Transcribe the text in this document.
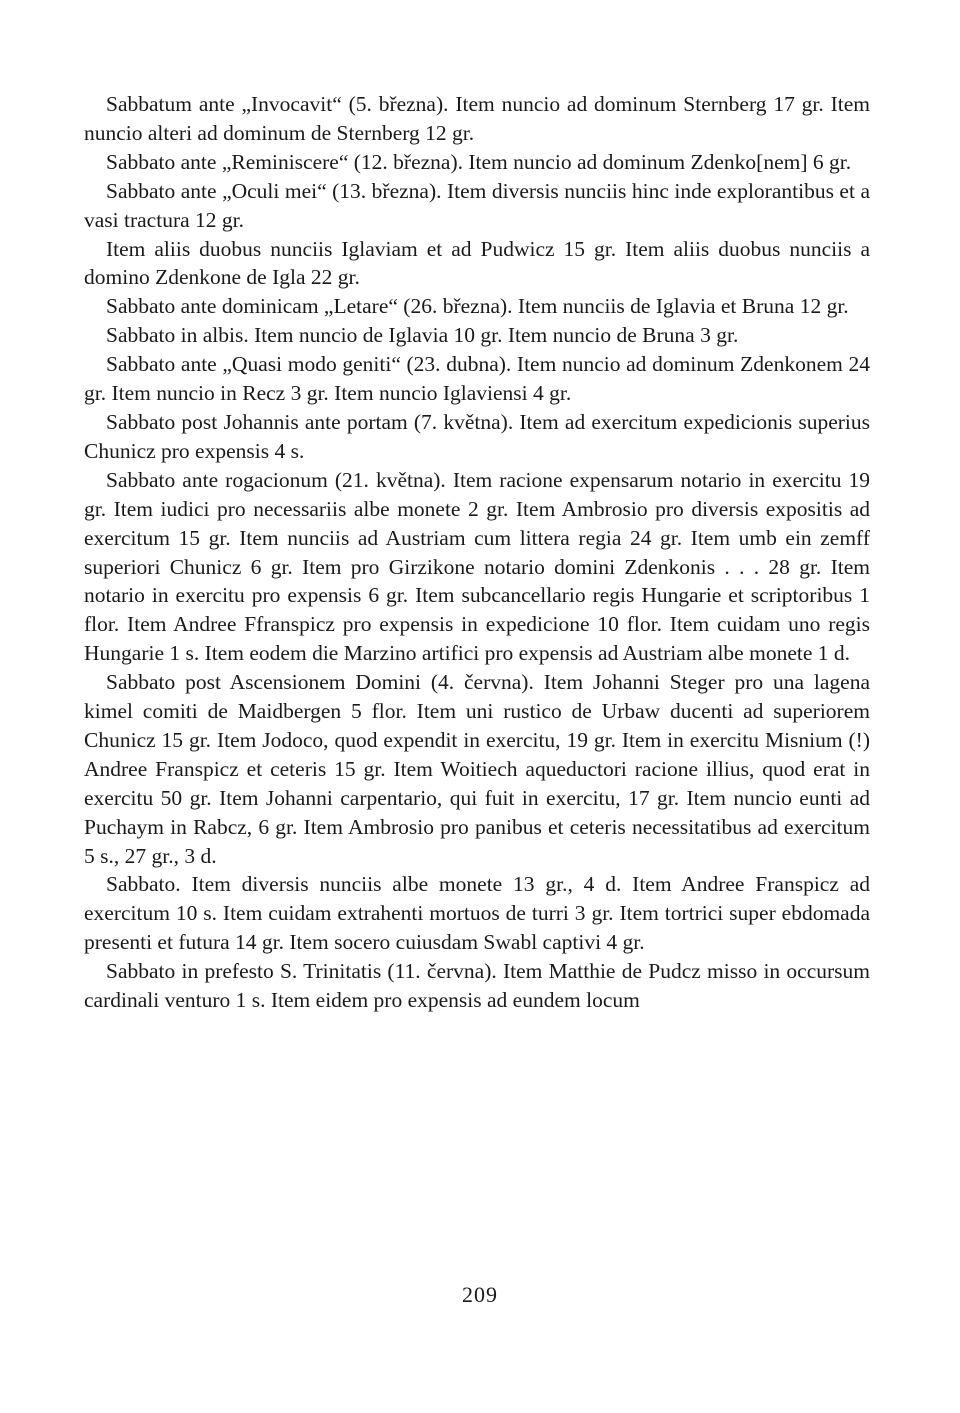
Sabbatum ante „Invocavit“ (5. března). Item nuncio ad dominum Sternberg 17 gr. Item nuncio alteri ad dominum de Sternberg 12 gr.

Sabbato ante „Reminiscere“ (12. března). Item nuncio ad dominum Zdenko[nem] 6 gr.

Sabbato ante „Oculi mei“ (13. března). Item diversis nunciis hinc inde explorantibus et a vasi tractura 12 gr.

Item aliis duobus nunciis Iglaviam et ad Pudwicz 15 gr. Item aliis duobus nunciis a domino Zdenkone de Igla 22 gr.

Sabbato ante dominicam „Letare“ (26. března). Item nunciis de Iglavia et Bruna 12 gr.

Sabbato in albis. Item nuncio de Iglavia 10 gr. Item nuncio de Bruna 3 gr.

Sabbato ante „Quasi modo geniti“ (23. dubna). Item nuncio ad dominum Zdenkonem 24 gr. Item nuncio in Recz 3 gr. Item nuncio Iglaviensi 4 gr.

Sabbato post Johannis ante portam (7. května). Item ad exercitum expedicionis superius Chunicz pro expensis 4 s.

Sabbato ante rogacionum (21. května). Item racione expensarum notario in exercitu 19 gr. Item iudici pro necessariis albe monete 2 gr. Item Ambrosio pro diversis expositis ad exercitum 15 gr. Item nunciis ad Austriam cum littera regia 24 gr. Item umb ein zemff superiori Chunicz 6 gr. Item pro Girzikone notario domini Zdenkonis . . . 28 gr. Item notario in exercitu pro expensis 6 gr. Item subcancellario regis Hungarie et scriptoribus 1 flor. Item Andree Ffranspicz pro expensis in expedicione 10 flor. Item cuidam uno regis Hungarie 1 s. Item eodem die Marzino artifici pro expensis ad Austriam albe monete 1 d.

Sabbato post Ascensionem Domini (4. června). Item Johanni Steger pro una lagena kimel comiti de Maidbergen 5 flor. Item uni rustico de Urbaw ducenti ad superiorem Chunicz 15 gr. Item Jodoco, quod expendit in exercitu, 19 gr. Item in exercitu Misnium (!) Andree Franspicz et ceteris 15 gr. Item Woitiech aqueductori racione illius, quod erat in exercitu 50 gr. Item Johanni carpentario, qui fuit in exercitu, 17 gr. Item nuncio eunti ad Puchaym in Rabcz, 6 gr. Item Ambrosio pro panibus et ceteris necessitatibus ad exercitum 5 s., 27 gr., 3 d.

Sabbato. Item diversis nunciis albe monete 13 gr., 4 d. Item Andree Franspicz ad exercitum 10 s. Item cuidam extrahenti mortuos de turri 3 gr. Item tortrici super ebdomada presenti et futura 14 gr. Item socero cuiusdam Swabl captivi 4 gr.

Sabbato in prefesto S. Trinitatis (11. června). Item Matthie de Pudcz misso in occursum cardinali venturo 1 s. Item eidem pro expensis ad eundem locum

209
